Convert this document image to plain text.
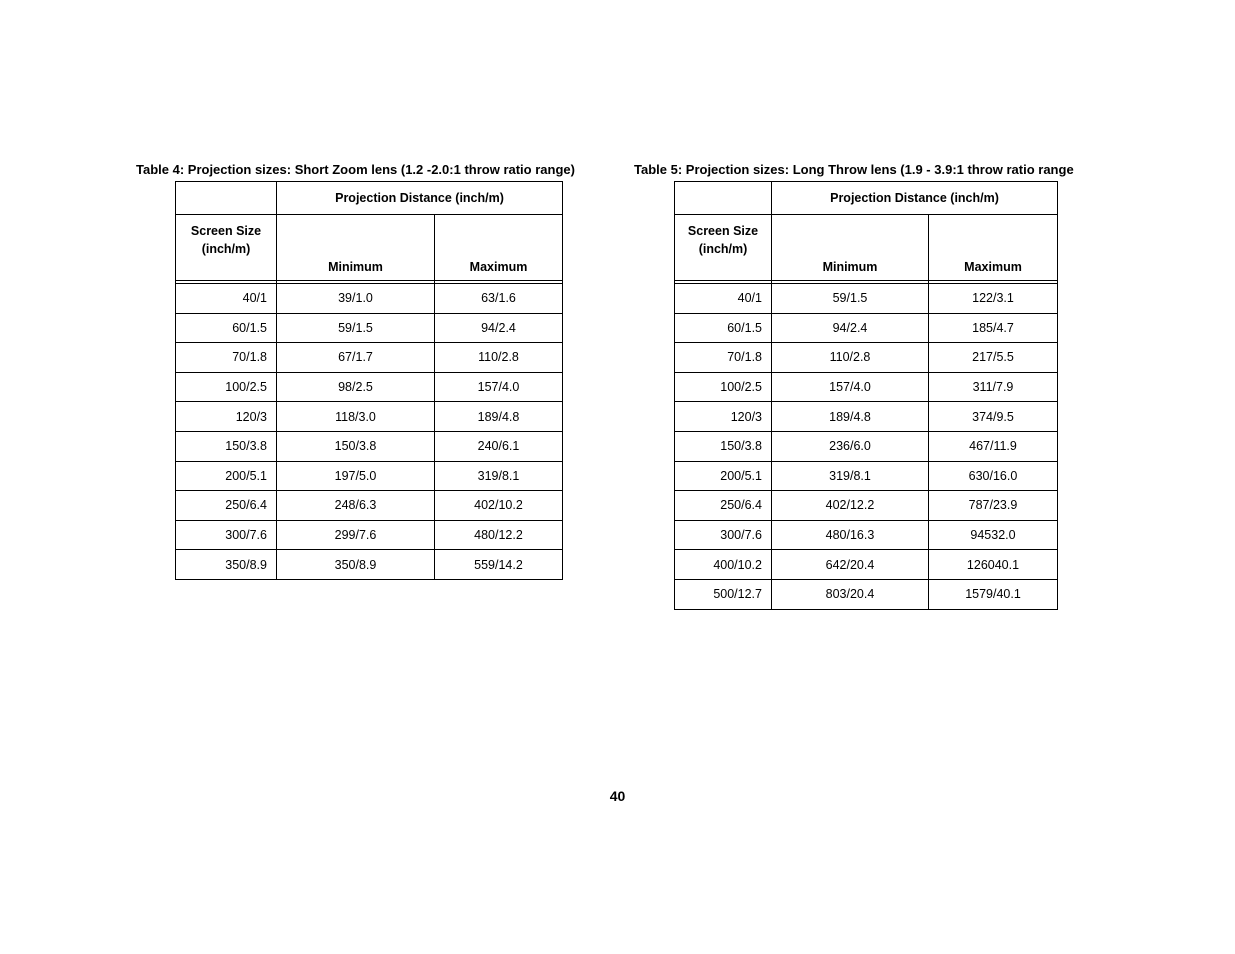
Table 4: Projection sizes: Short Zoom lens (1.2 -2.0:1 throw ratio range)	Table 5: Projection sizes: Long Throw lens (1.9 - 3.9:1 throw ratio range
	Projection Distance (inch/m)	

Screen Size
(inch/m)	Minimum	Maximum

40/1	39/1.0	63/1.6
60/1.5	59/1.5	94/2.4
70/1.8	67/1.7	110/2.8
100/2.5	98/2.5	157/4.0
120/3	118/3.0	189/4.8
150/3.8	150/3.8	240/6.1
200/5.1	197/5.0	319/8.1
250/6.4	248/6.3	402/10.2
300/7.6	299/7.6	480/12.2
350/8.9	350/8.9	559/14.2
	Projection Distance (inch/m)	

Screen Size
(inch/m)	Minimum	Maximum

40/1	59/1.5	122/3.1
60/1.5	94/2.4	185/4.7
70/1.8	110/2.8	217/5.5
100/2.5	157/4.0	311/7.9
120/3	189/4.8	374/9.5
150/3.8	236/6.0	467/11.9
200/5.1	319/8.1	630/16.0
250/6.4	402/12.2	787/23.9
300/7.6	480/16.3	94532.0
400/10.2	642/20.4	126040.1
500/12.7	803/20.4	1579/40.1
40
